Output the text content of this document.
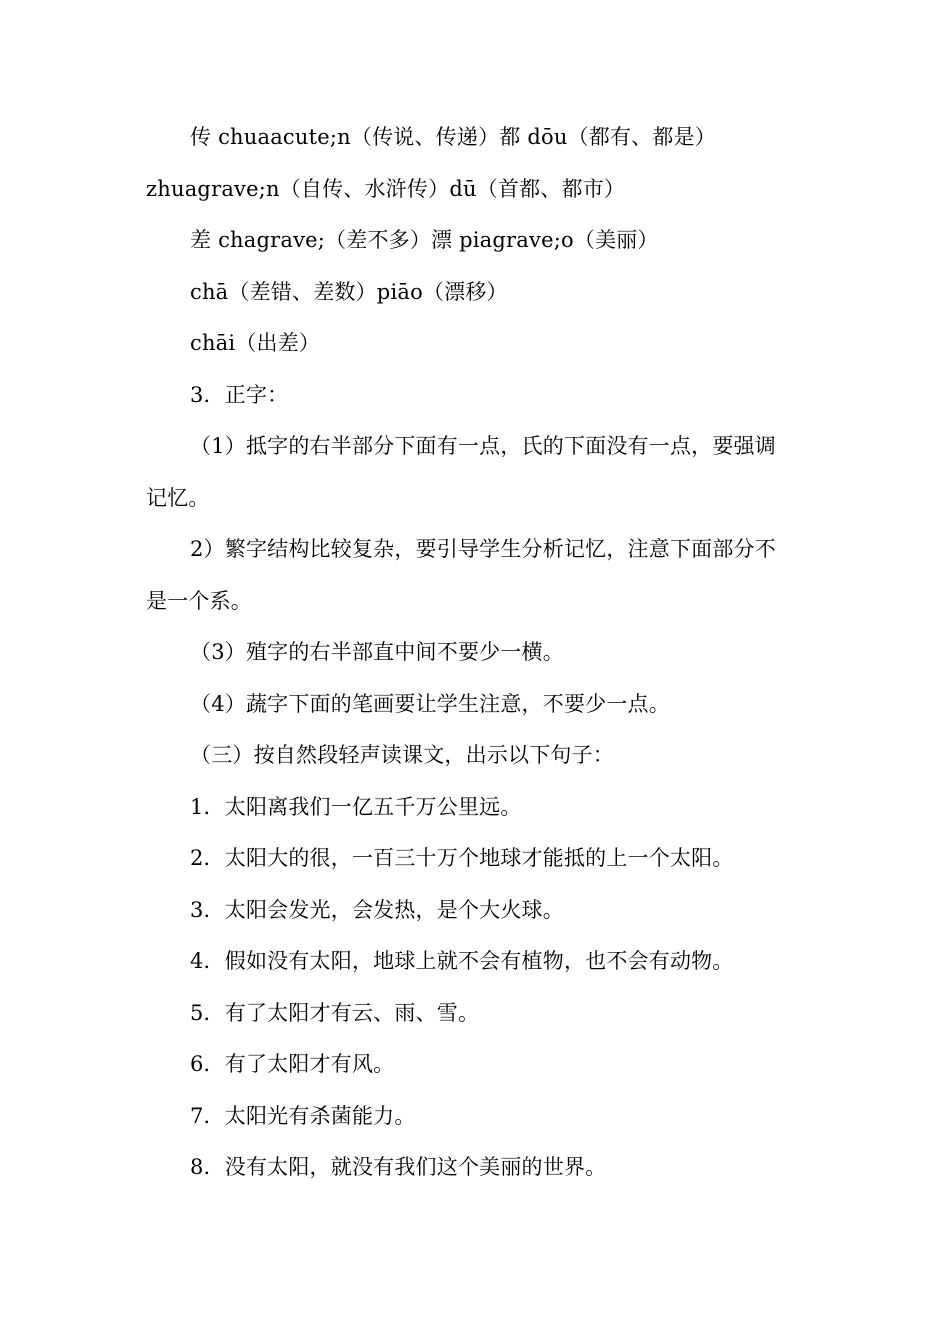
传 chuaacute;n（传说、传递）都 dōu（都有、都是）
zhuagrave;n（自传、水浒传）dū（首都、都市）
差 chagrave;（差不多）漂 piagrave;o（美丽）
chā（差错、差数）piāo（漂移）
chāi（出差）
3．正字：
（1）抵字的右半部分下面有一点，氏的下面没有一点，要强调
记忆。
2）繁字结构比较复杂，要引导学生分析记忆，注意下面部分不
是一个系。
（3）殖字的右半部直中间不要少一横。
（4）蔬字下面的笔画要让学生注意，不要少一点。
（三）按自然段轻声读课文，出示以下句子：
1．太阳离我们一亿五千万公里远。
2．太阳大的很，一百三十万个地球才能抵的上一个太阳。
3．太阳会发光，会发热，是个大火球。
4．假如没有太阳，地球上就不会有植物，也不会有动物。
5．有了太阳才有云、雨、雪。
6．有了太阳才有风。
7．太阳光有杀菌能力。
8．没有太阳，就没有我们这个美丽的世界。
